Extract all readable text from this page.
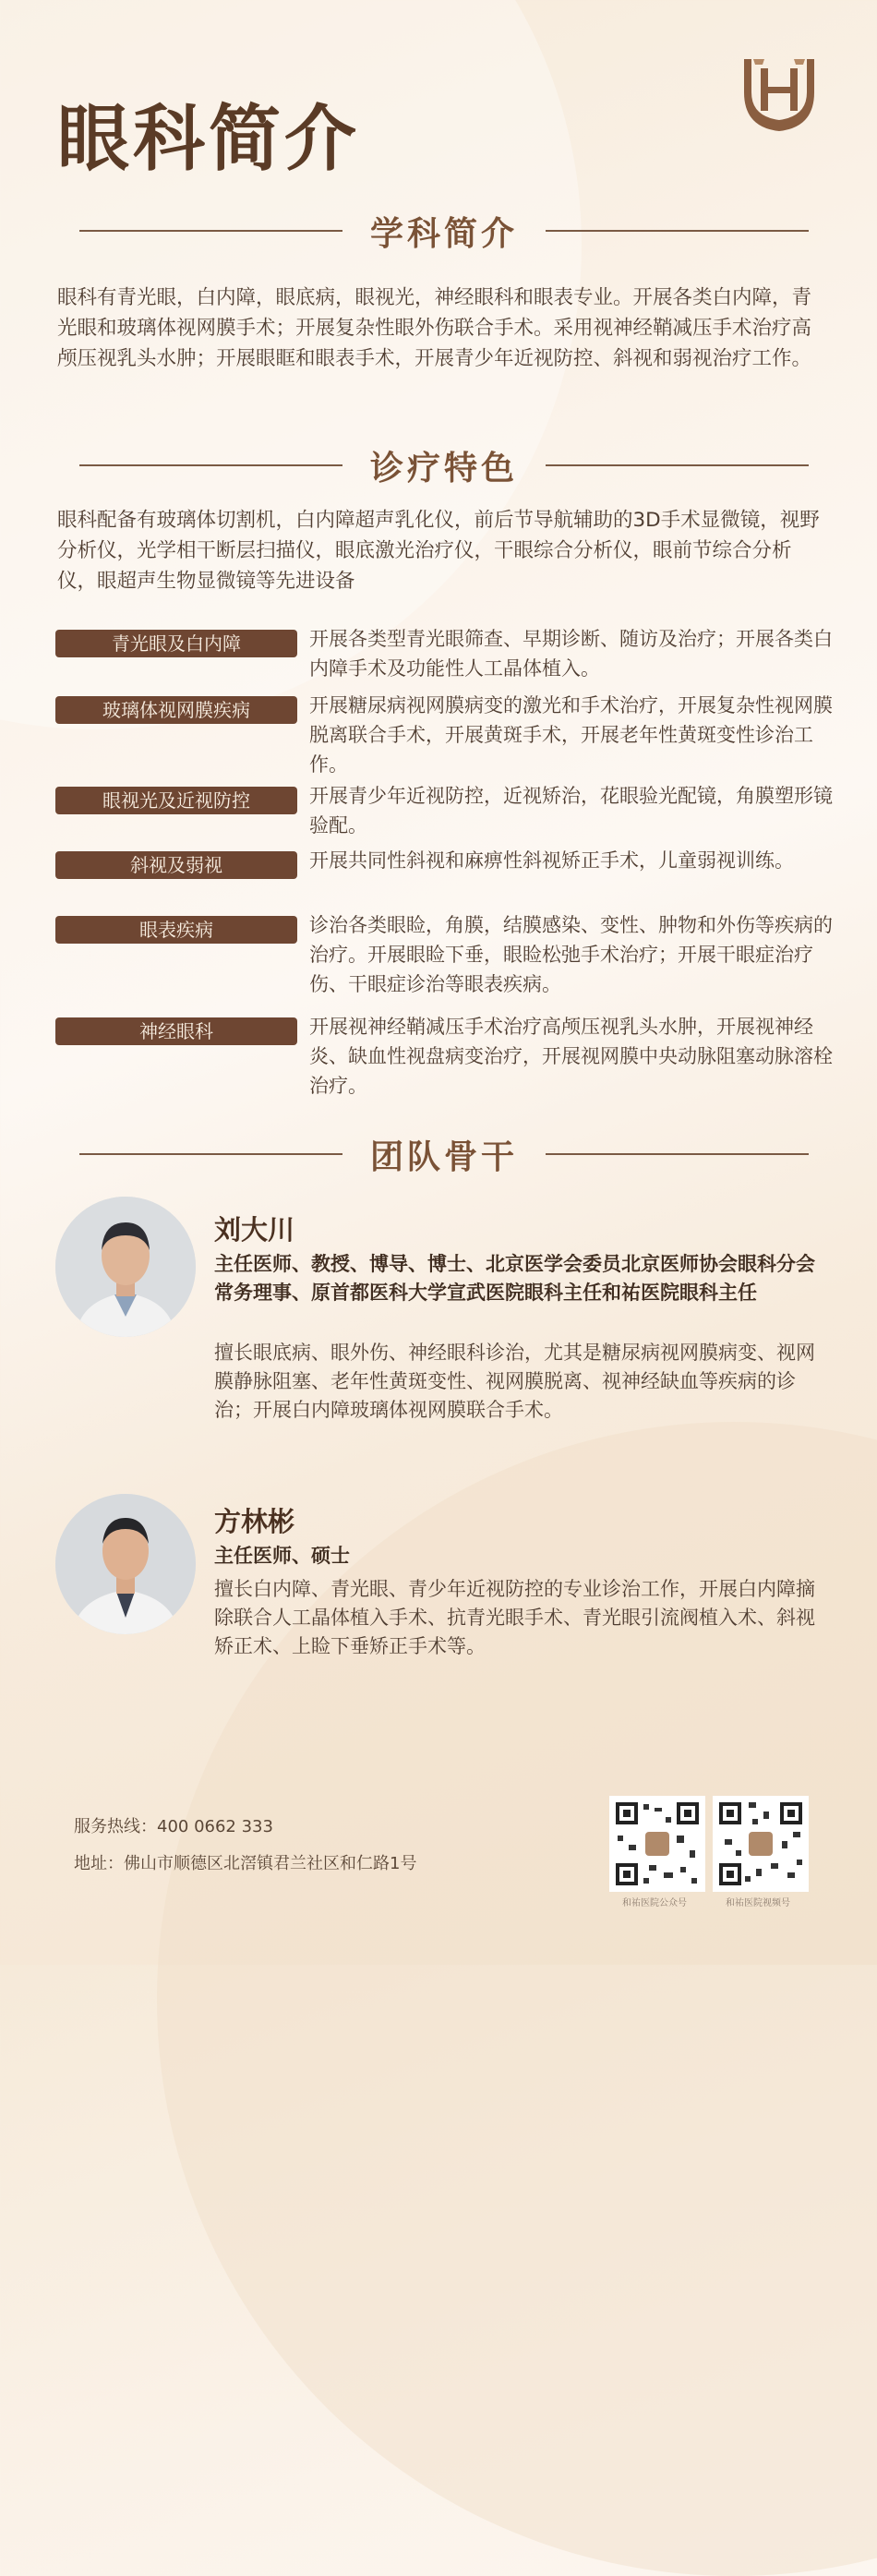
眼科简介
学科简介

眼科有青光眼，白内障，眼底病，眼视光，神经眼科和眼表专业。开展各类白内障，青光眼和玻璃体视网膜手术；开展复杂性眼外伤联合手术。采用视神经鞘减压手术治疗高颅压视乳头水肿；开展眼眶和眼表手术，开展青少年近视防控、斜视和弱视治疗工作。

诊疗特色

眼科配备有玻璃体切割机，白内障超声乳化仪，前后节导航辅助的3D手术显微镜，视野分析仪，光学相干断层扫描仪，眼底激光治疗仪，干眼综合分析仪，眼前节综合分析仪，眼超声生物显微镜等先进设备

青光眼及白内障	开展各类型青光眼筛查、早期诊断、随访及治疗；开展各类白内障手术及功能性人工晶体植入。

玻璃体视网膜疾病	开展糖尿病视网膜病变的激光和手术治疗，开展复杂性视网膜脱离联合手术，开展黄斑手术，开展老年性黄斑变性诊治工作。

眼视光及近视防控	开展青少年近视防控，近视矫治，花眼验光配镜，角膜塑形镜验配。

斜视及弱视	开展共同性斜视和麻痹性斜视矫正手术，儿童弱视训练。

眼表疾病	诊治各类眼睑，角膜，结膜感染、变性、肿物和外伤等疾病的治疗。开展眼睑下垂，眼睑松弛手术治疗；开展干眼症治疗伤、干眼症诊治等眼表疾病。

神经眼科	开展视神经鞘减压手术治疗高颅压视乳头水肿，开展视神经炎、缺血性视盘病变治疗，开展视网膜中央动脉阻塞动脉溶栓治疗。

团队骨干

刘大川

主任医师、教授、博导、博士、北京医学会委员北京医师协会眼科分会常务理事、原首都医科大学宣武医院眼科主任和祐医院眼科主任

擅长眼底病、眼外伤、神经眼科诊治，尤其是糖尿病视网膜病变、视网膜静脉阻塞、老年性黄斑变性、视网膜脱离、视神经缺血等疾病的诊治；开展白内障玻璃体视网膜联合手术。

方林彬

主任医师、硕士

擅长白内障、青光眼、青少年近视防控的专业诊治工作，开展白内障摘除联合人工晶体植入手术、抗青光眼手术、青光眼引流阀植入术、斜视矫正术、上睑下垂矫正手术等。

服务热线：400 0662 333

地址：佛山市顺德区北滘镇君兰社区和仁路1号

和祐医院公众号	和祐医院视频号
